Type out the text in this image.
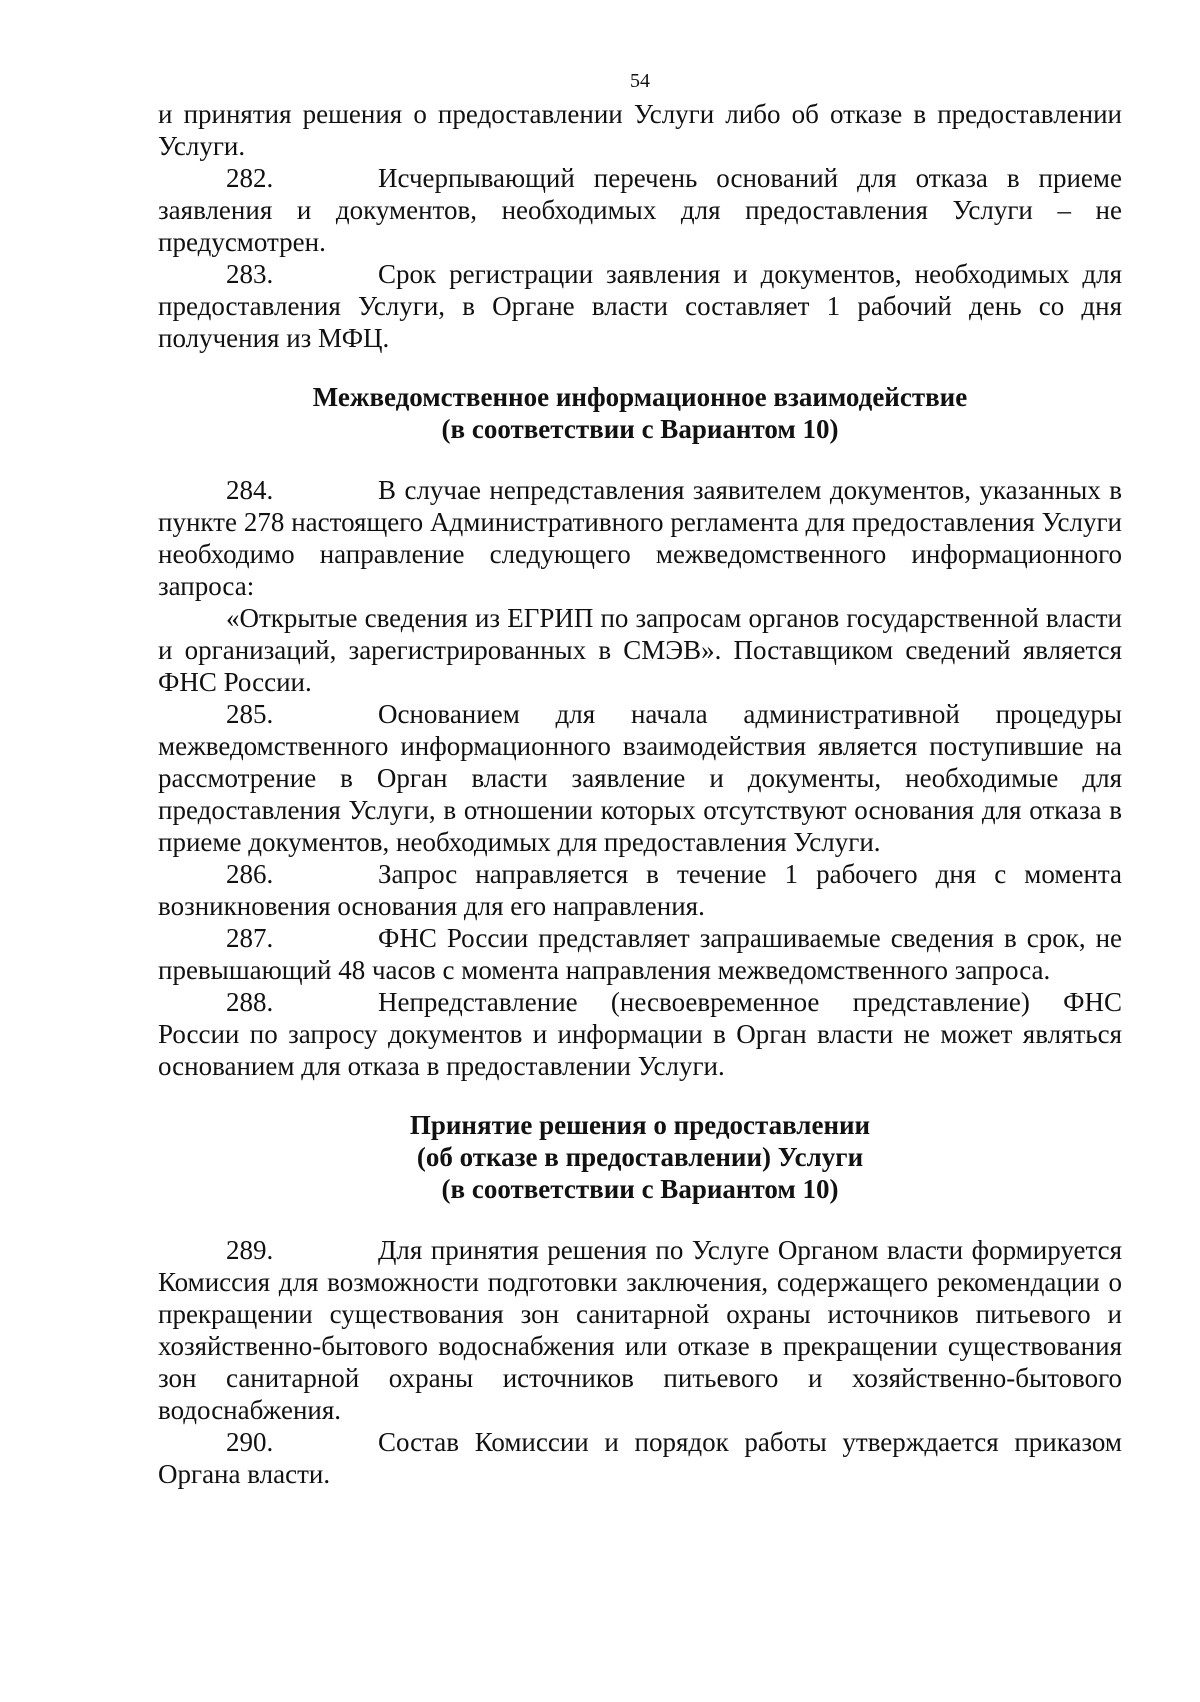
54

и принятия решения о предоставлении Услуги либо об отказе в предоставлении Услуги.

282.	Исчерпывающий перечень оснований для отказа в приеме заявления и документов, необходимых для предоставления Услуги – не предусмотрен.

283.	Срок регистрации заявления и документов, необходимых для предоставления Услуги, в Органе власти составляет 1 рабочий день со дня получения из МФЦ.

Межведомственное информационное взаимодействие
(в соответствии с Вариантом 10)

284.	В случае непредставления заявителем документов, указанных в пункте 278 настоящего Административного регламента для предоставления Услуги необходимо направление следующего межведомственного информационного запроса:

«Открытые сведения из ЕГРИП по запросам органов государственной власти и организаций, зарегистрированных в СМЭВ». Поставщиком сведений является ФНС России.

285.	Основанием для начала административной процедуры межведомственного информационного взаимодействия является поступившие на рассмотрение в Орган власти заявление и документы, необходимые для предоставления Услуги, в отношении которых отсутствуют основания для отказа в приеме документов, необходимых для предоставления Услуги.

286.	Запрос направляется в течение 1 рабочего дня с момента возникновения основания для его направления.

287.	ФНС России представляет запрашиваемые сведения в срок, не превышающий 48 часов с момента направления межведомственного запроса.

288.	Непредставление (несвоевременное представление) ФНС России по запросу документов и информации в Орган власти не может являться основанием для отказа в предоставлении Услуги.

Принятие решения о предоставлении
(об отказе в предоставлении) Услуги
(в соответствии с Вариантом 10)

289.	Для принятия решения по Услуге Органом власти формируется Комиссия для возможности подготовки заключения, содержащего рекомендации о прекращении существования зон санитарной охраны источников питьевого и хозяйственно-бытового водоснабжения или отказе в прекращении существования зон санитарной охраны источников питьевого и хозяйственно-бытового водоснабжения.

290.	Состав Комиссии и порядок работы утверждается приказом Органа власти.
